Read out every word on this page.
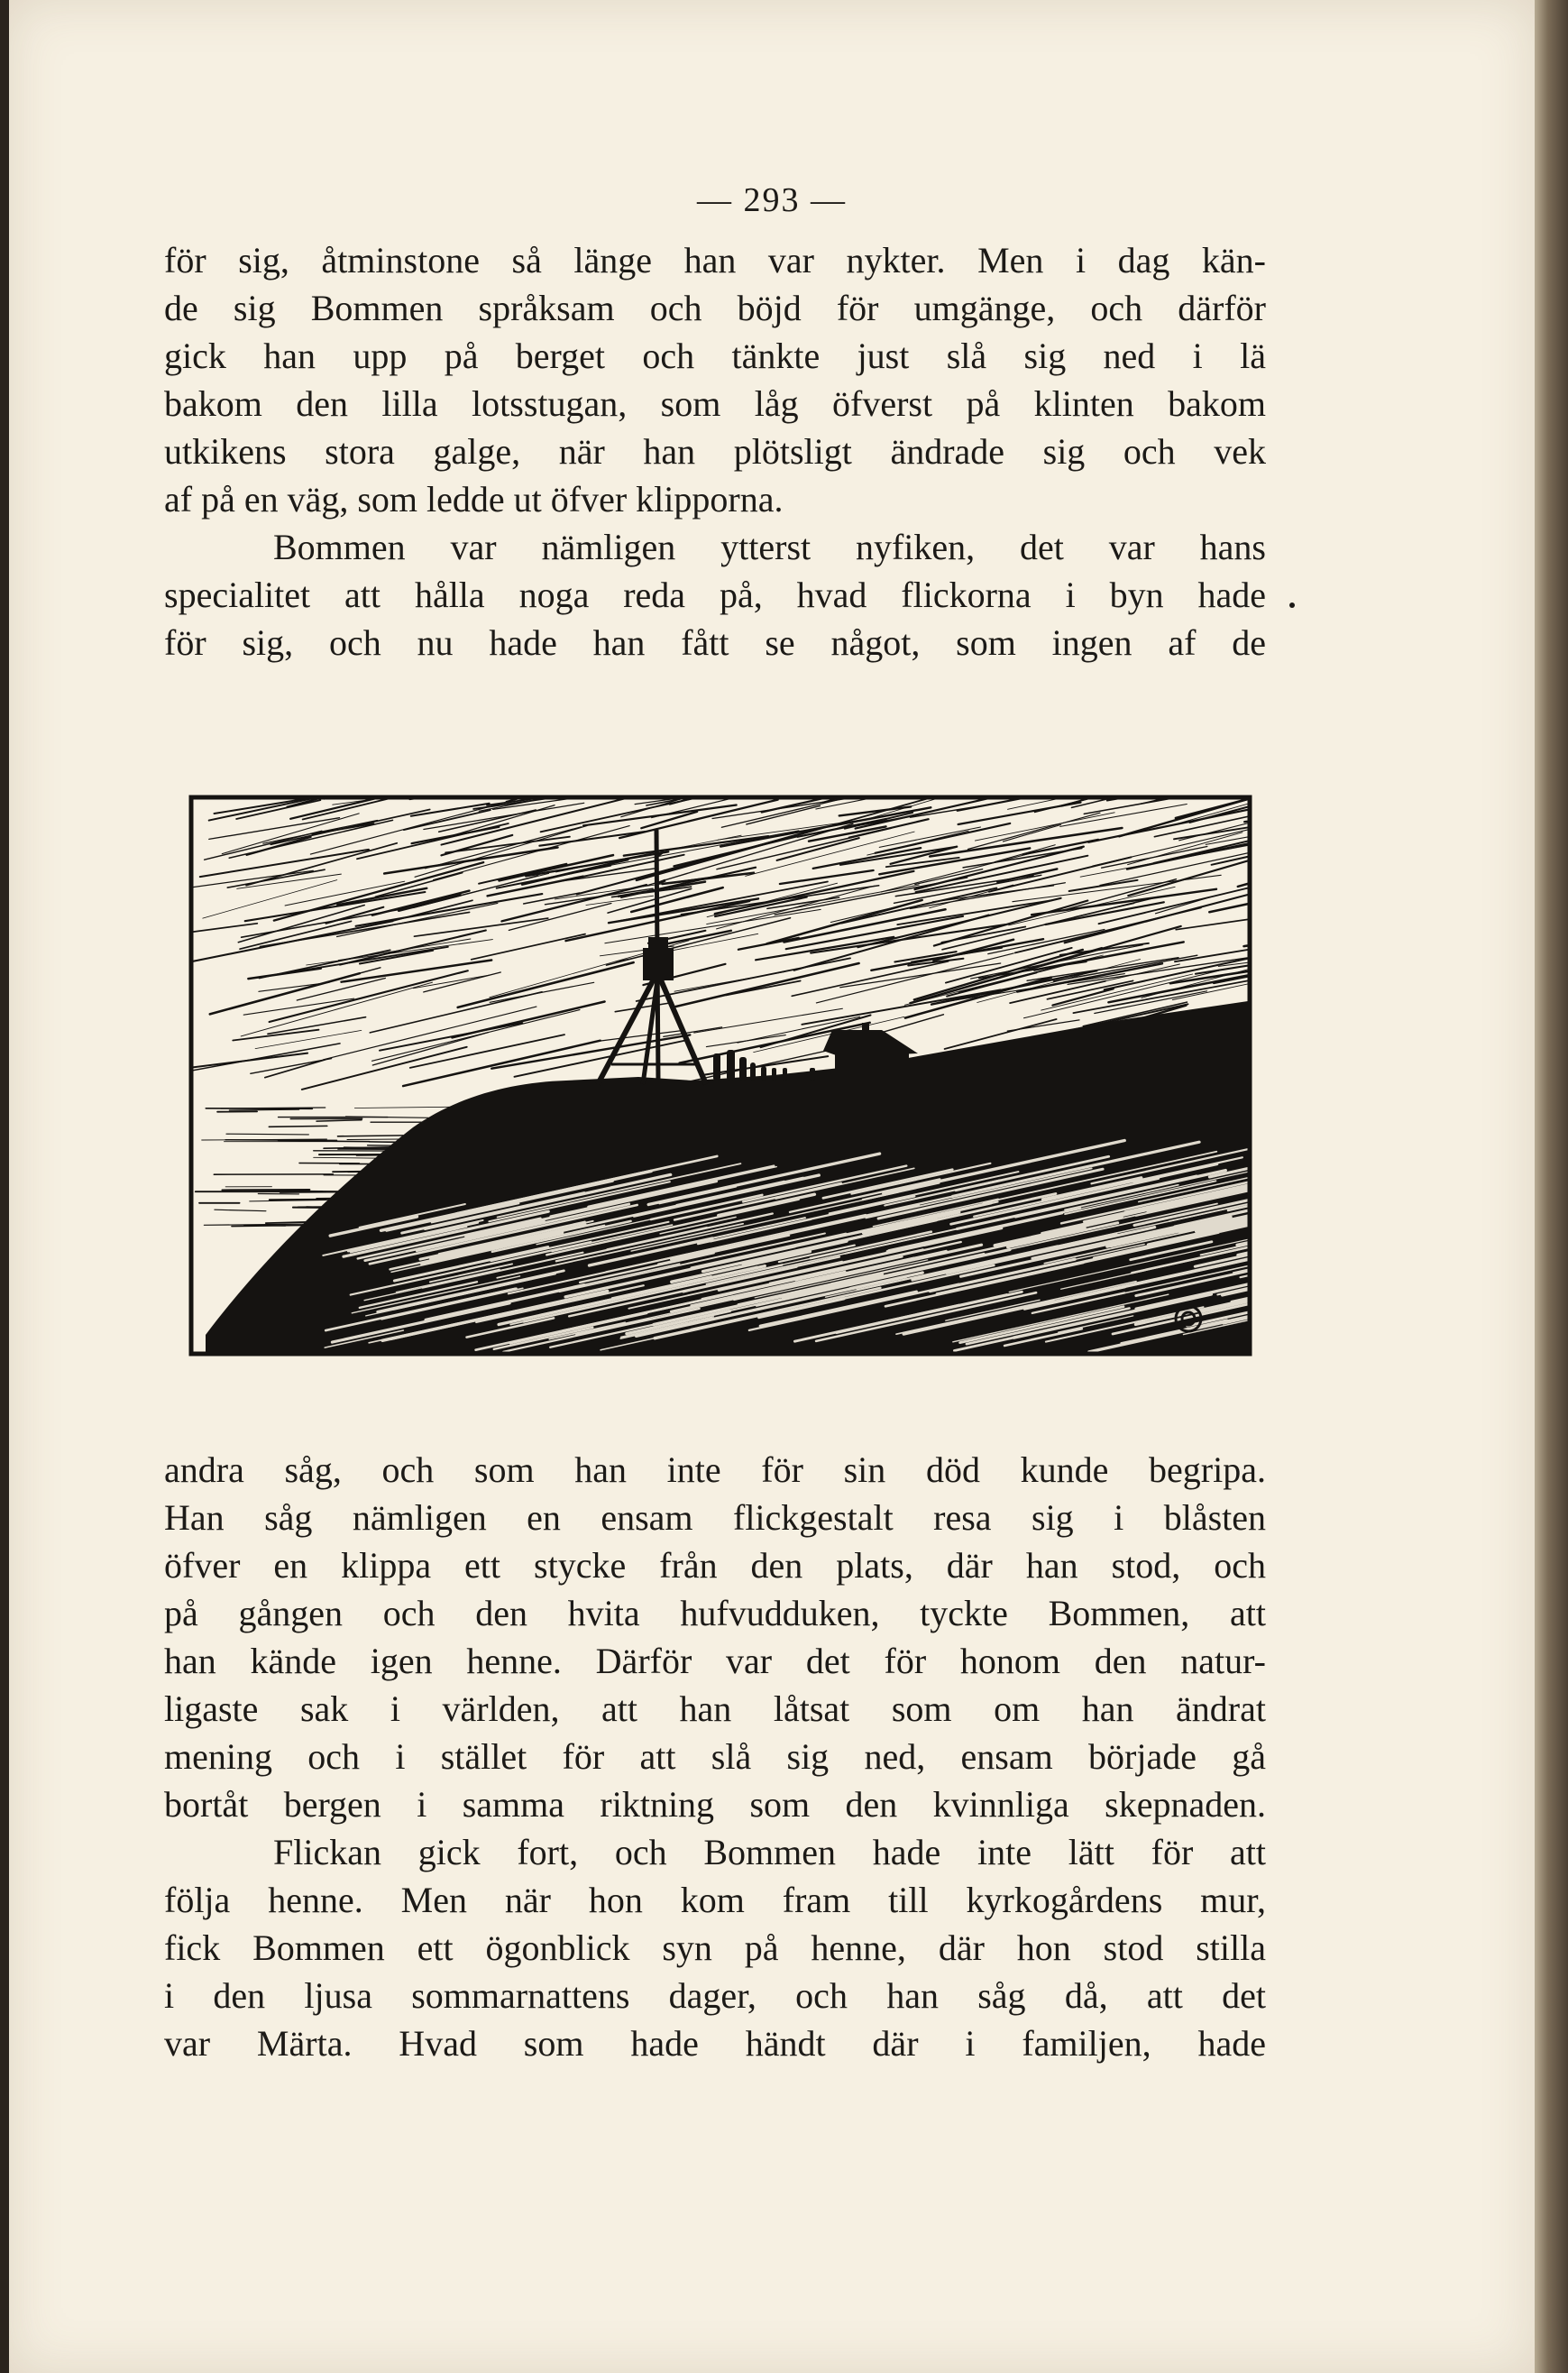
— 293 —
för sig, åtminstone så länge han var nykter. Men i dag kän-
de sig Bommen språksam och böjd för umgänge, och därför
gick han upp på berget och tänkte just slå sig ned i lä
bakom den lilla lotsstugan, som låg öfverst på klinten bakom
utkikens stora galge, när han plötsligt ändrade sig och vek
af på en väg, som ledde ut öfver klipporna.
Bommen var nämligen ytterst nyfiken, det var hans
specialitet att hålla noga reda på, hvad flickorna i byn hade
för sig, och nu hade han fått se något, som ingen af de
andra såg, och som han inte för sin död kunde begripa.
Han såg nämligen en ensam flickgestalt resa sig i blåsten
öfver en klippa ett stycke från den plats, där han stod, och
på gången och den hvita hufvudduken, tyckte Bommen, att
han kände igen henne. Därför var det för honom den natur-
ligaste sak i världen, att han låtsat som om han ändrat
mening och i stället för att slå sig ned, ensam började gå
bortåt bergen i samma riktning som den kvinnliga skepnaden.
Flickan gick fort, och Bommen hade inte lätt för att
följa henne. Men när hon kom fram till kyrkogårdens mur,
fick Bommen ett ögonblick syn på henne, där hon stod stilla
i den ljusa sommarnattens dager, och han såg då, att det
var Märta. Hvad som hade händt där i familjen, hade
